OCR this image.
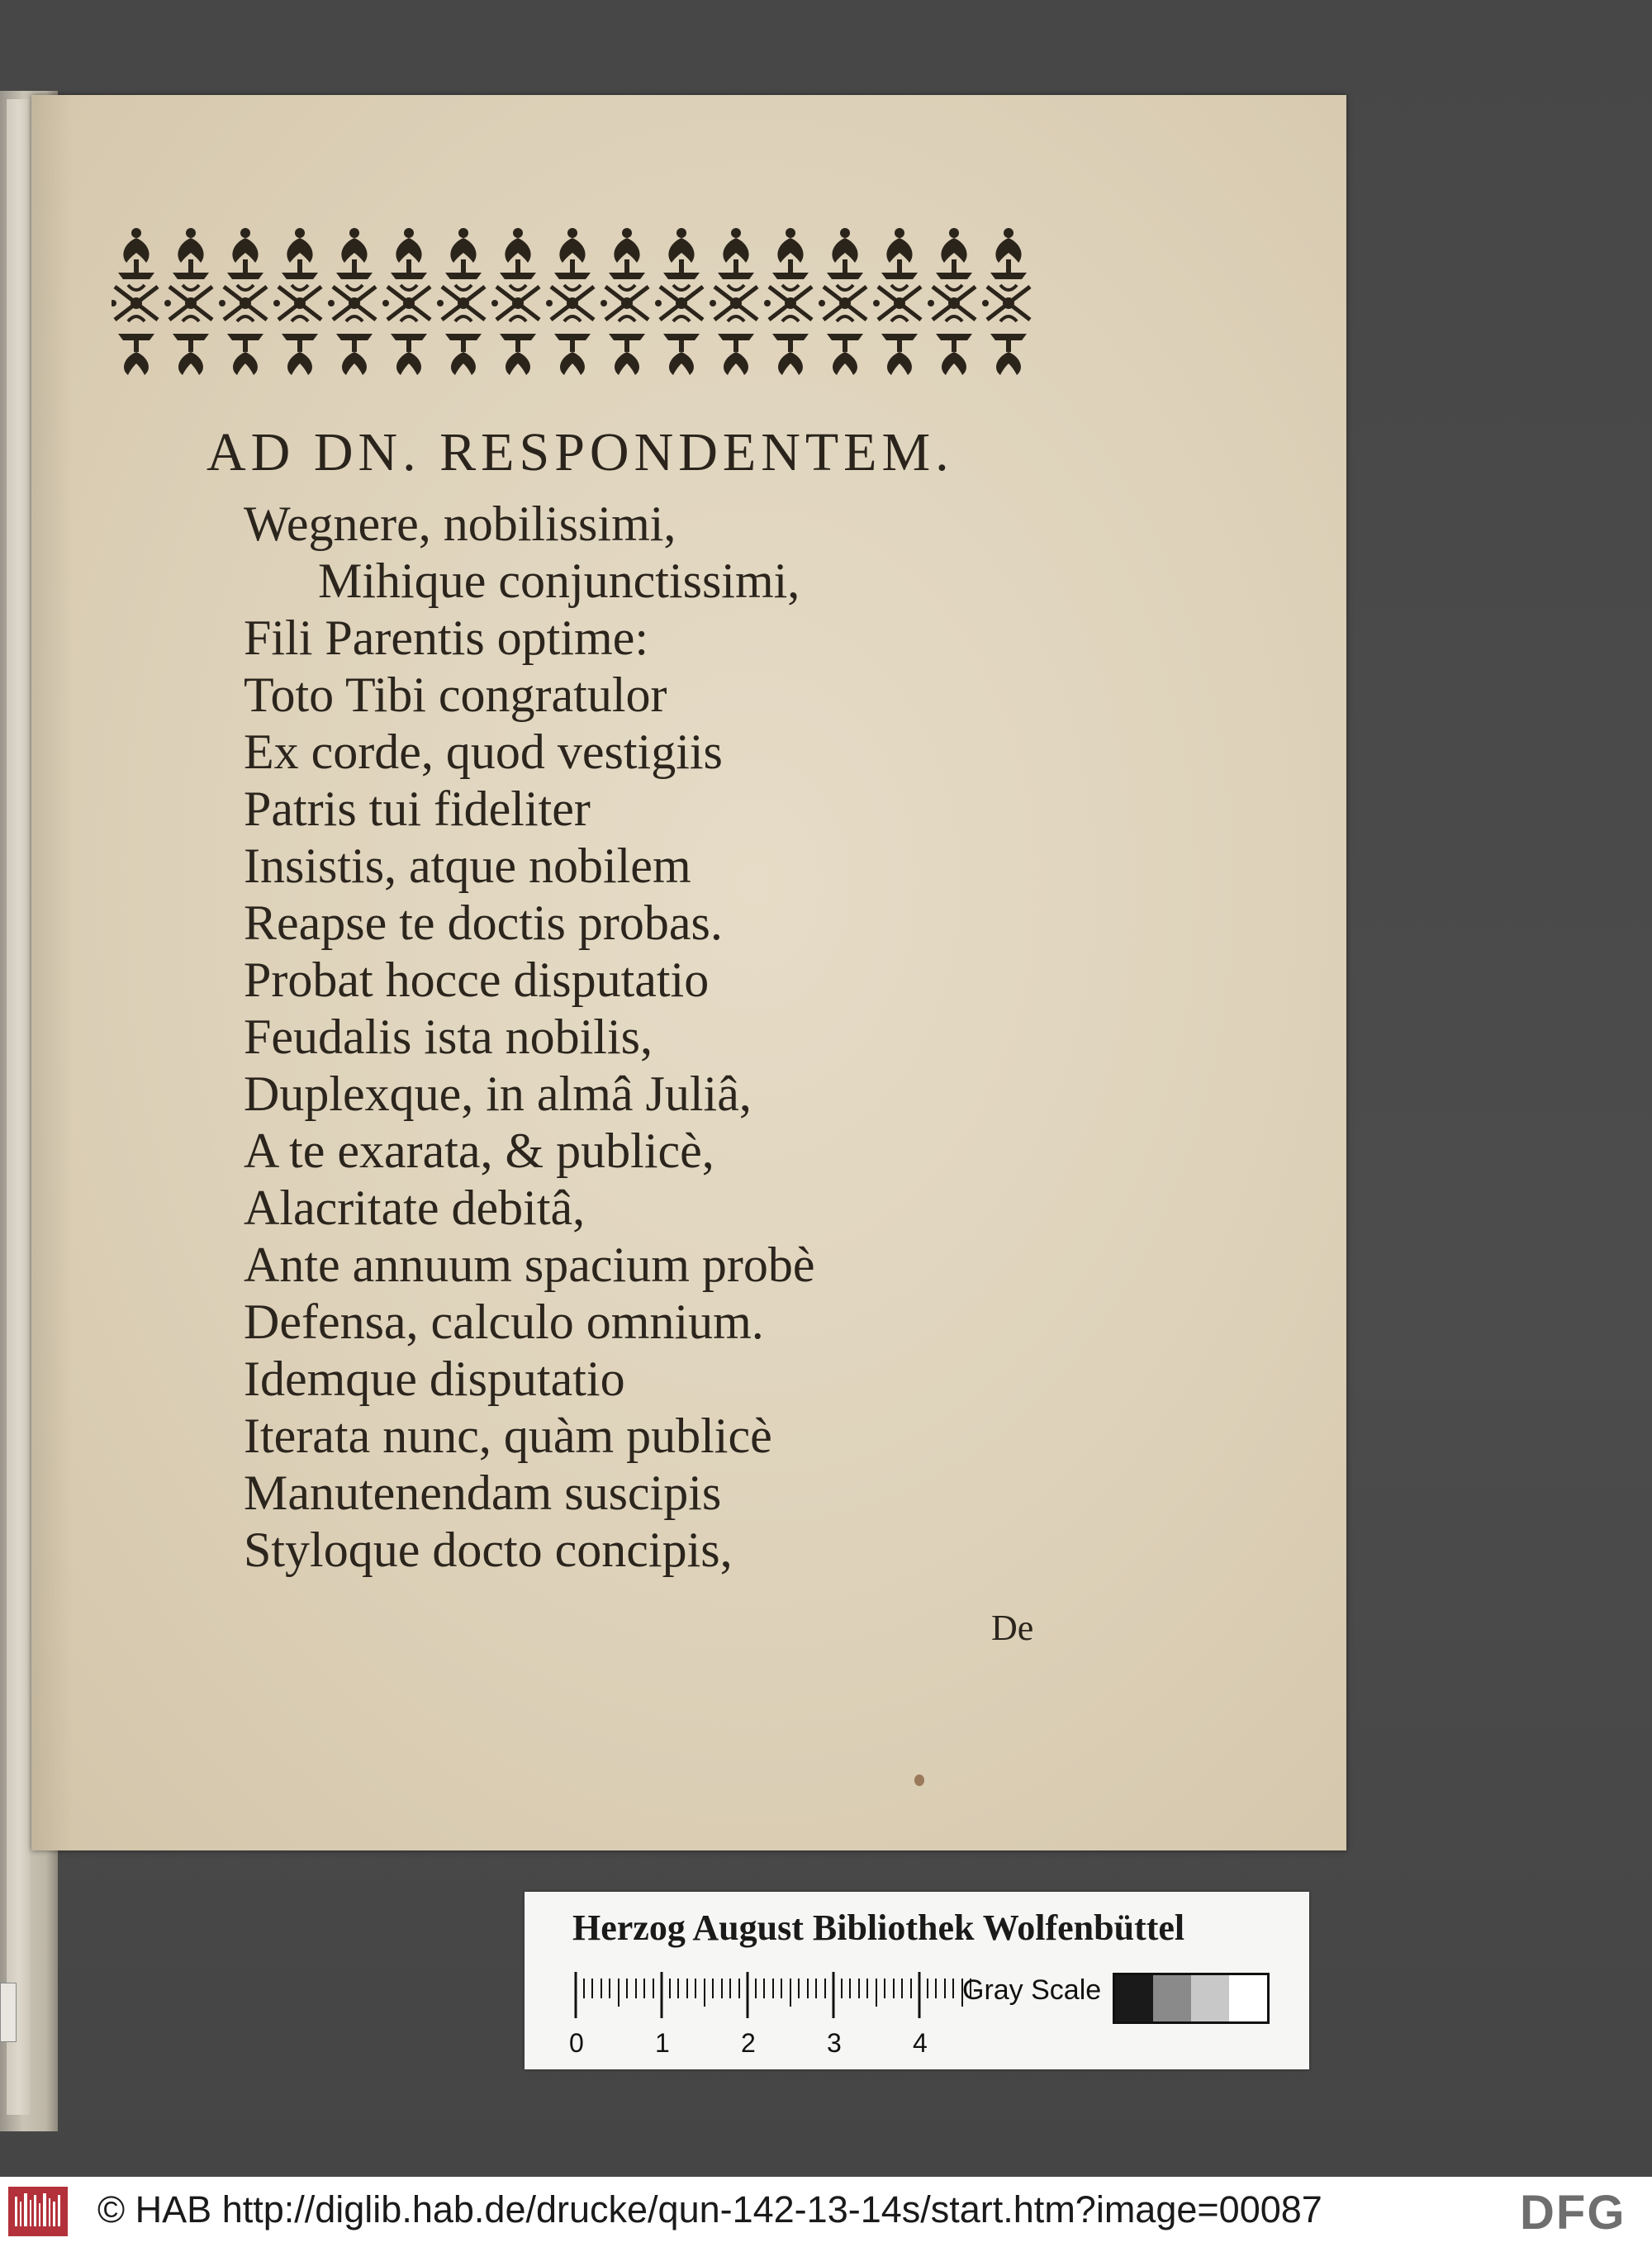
AD DN. RESPONDENTEM.
Wegnere, nobilissimi,
Mihique conjunctissimi,
Fili Parentis optime:
Toto Tibi congratulor
Ex corde, quod vestigiis
Patris tui fideliter
Insistis, atque nobilem
Reapse te doctis probas.
Probat hocce disputatio
Feudalis ista nobilis,
Duplexque, in almâ Juliâ,
A te exarata, & publicè,
Alacritate debitâ,
Ante annuum spacium probè
Defensa, calculo omnium.
Idemque disputatio
Iterata nunc, quàm publicè
Manutenendam suscipis
Styloque docto concipis,
De
Herzog August Bibliothek Wolfenbüttel
0	1	2	3	4
Gray Scale
© HAB http://diglib.hab.de/drucke/qun-142-13-14s/start.htm?image=00087	DFG
